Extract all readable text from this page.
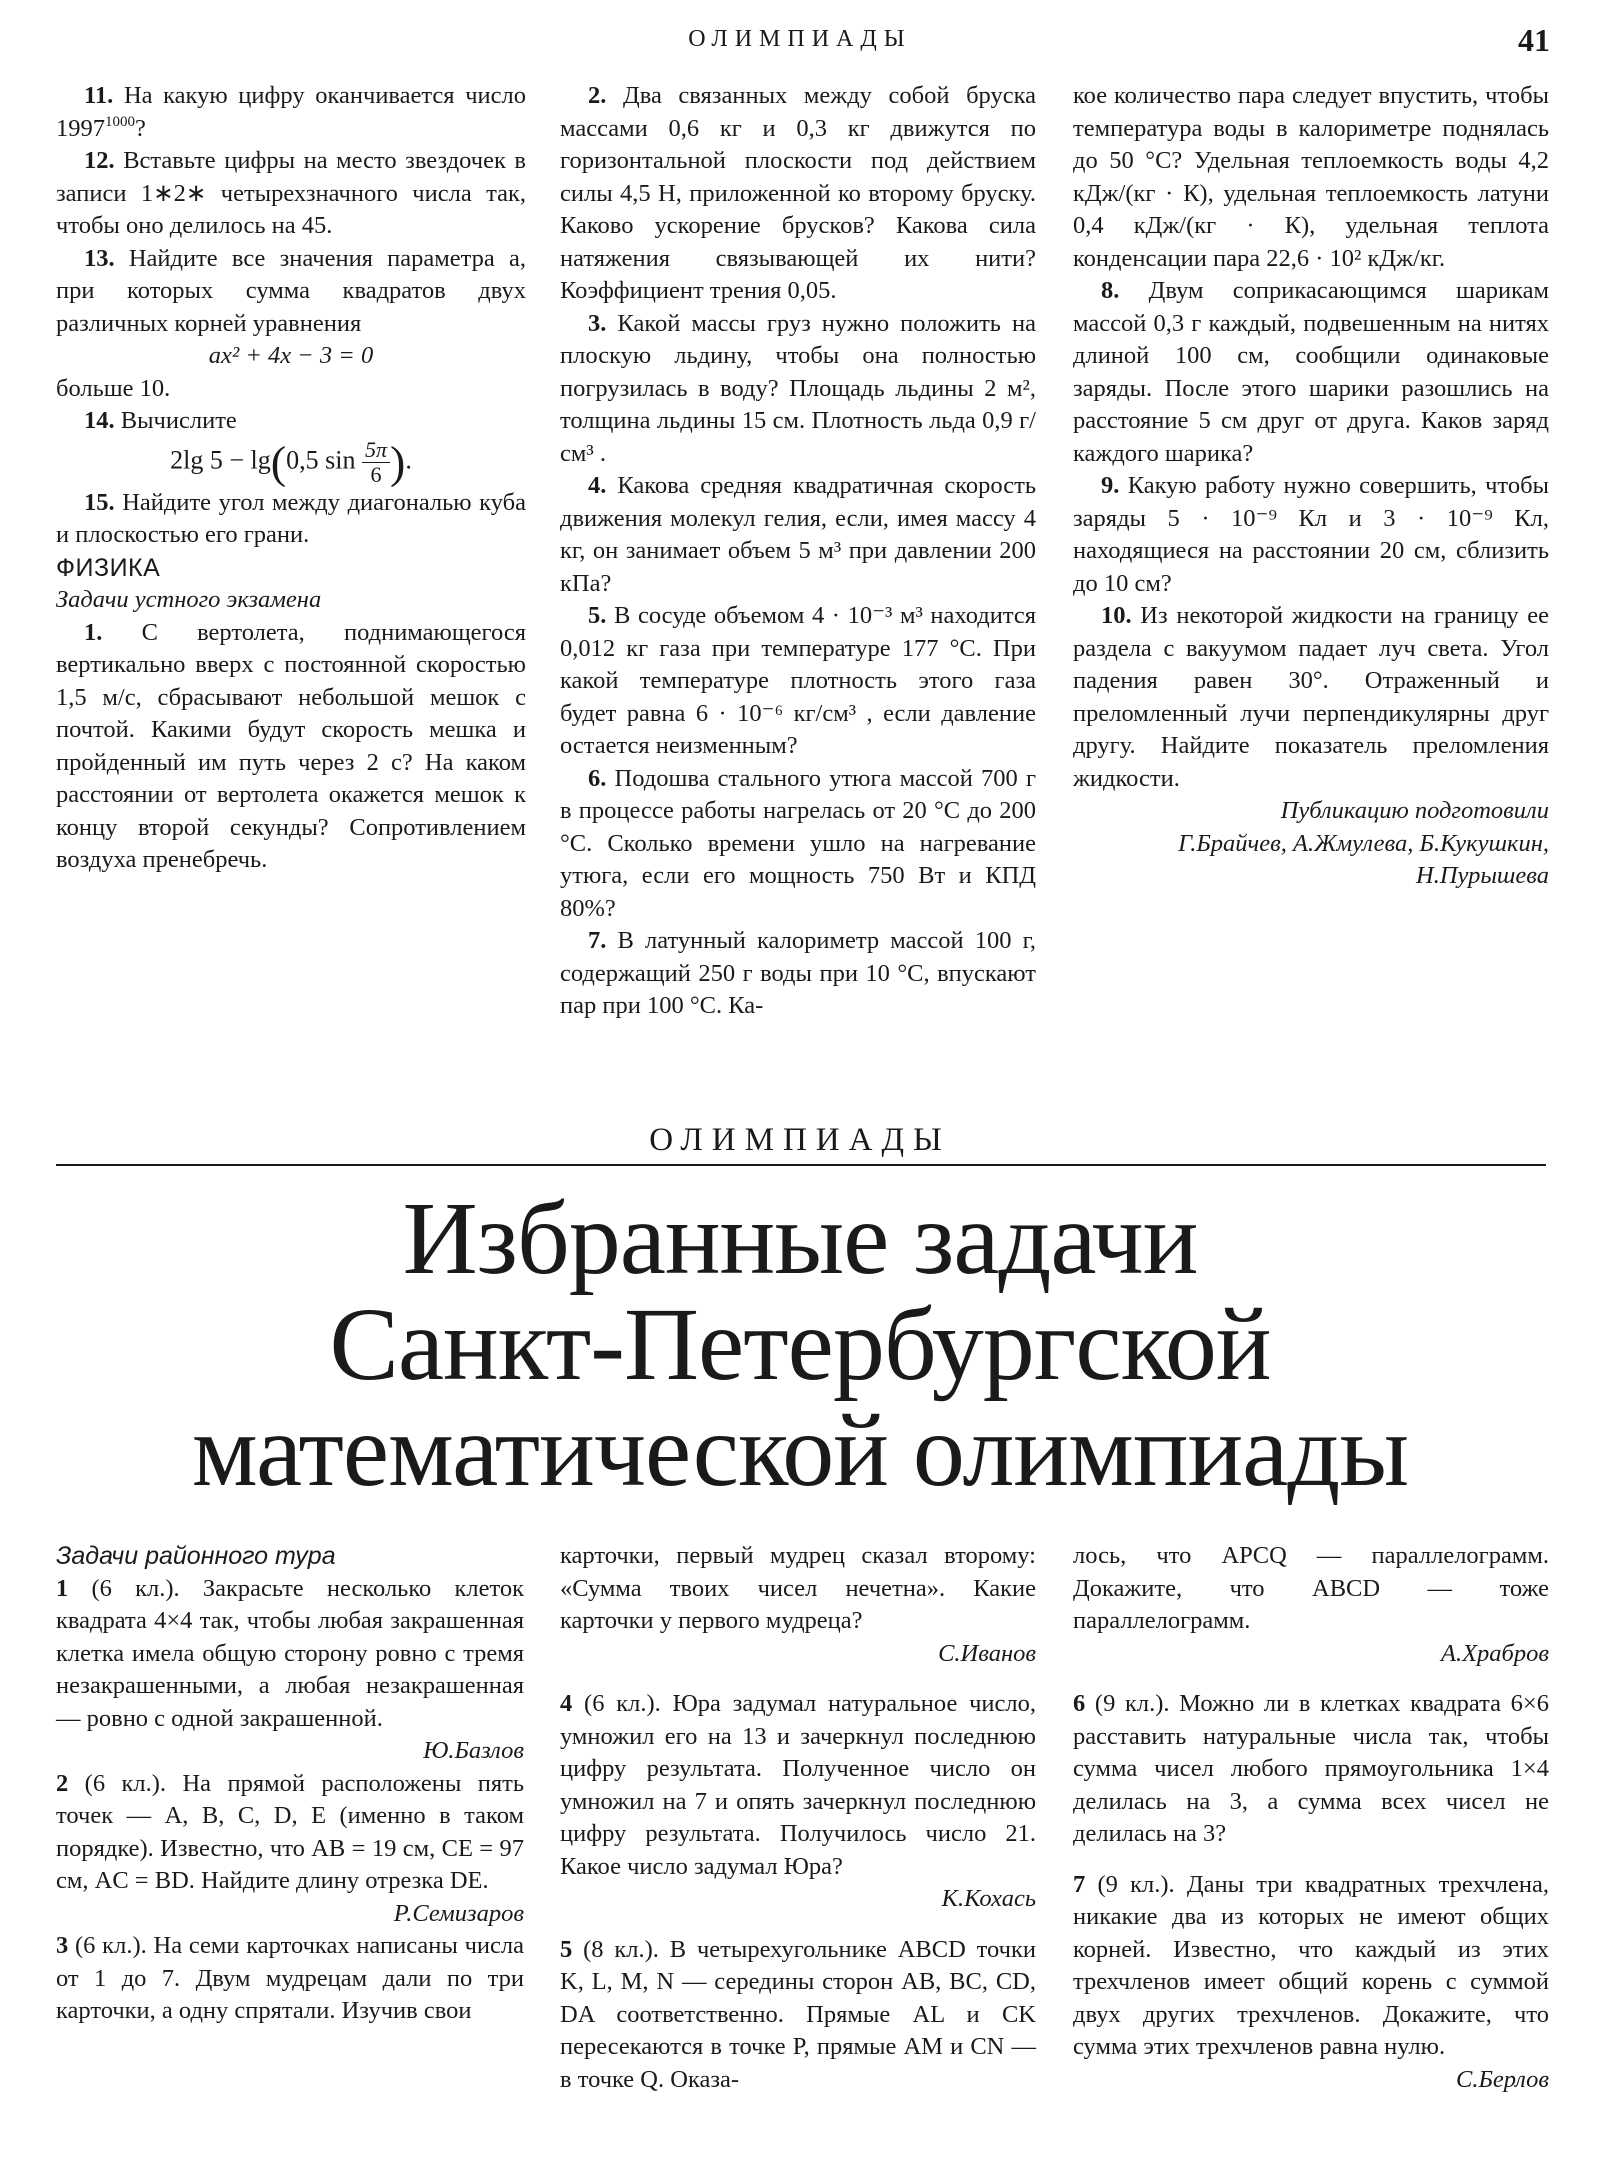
ОЛИМПИАДЫ	41

11. На какую цифру оканчивается число $1997^{1000}$?

12. Вставьте цифры на место звездочек в записи 1∗2∗ четырехзначного числа так, чтобы оно делилось на 45.

13. Найдите все значения параметра a, при которых сумма квадратов двух различных корней уравнения

ax² + 4x − 3 = 0

больше 10.

14. Вычислите

2lg 5 − lg(0,5 $\sin \frac{5\pi}{6}$ ).

15. Найдите угол между диагональю куба и плоскостью его грани.

ФИЗИКА

Задачи устного экзамена

1. С вертолета, поднимающегося вертикально вверх с постоянной скоростью 1,5 м/с, сбрасывают небольшой мешок с почтой. Какими будут скорость мешка и пройденный им путь через 2 с? На каком расстоянии от вертолета окажется мешок к концу второй секунды? Сопротивлением воздуха пренебречь.

2. Два связанных между собой бруска массами 0,6 кг и 0,3 кг движутся по горизонтальной плоскости под действием силы 4,5 Н, приложенной ко второму бруску. Каково ускорение брусков? Какова сила натяжения связывающей их нити? Коэффициент трения 0,05.

3. Какой массы груз нужно положить на плоскую льдину, чтобы она полностью погрузилась в воду? Площадь льдины 2 м², толщина льдины 15 см. Плотность льда 0,9 г/см³ .

4. Какова средняя квадратичная скорость движения молекул гелия, если, имея массу 4 кг, он занимает объем 5 м³ при давлении 200 кПа?

5. В сосуде объемом 4 · 10⁻³ м³ находится 0,012 кг газа при температуре 177 °С. При какой температуре плотность этого газа будет равна 6 · 10⁻⁶ кг/см³ , если давление остается неизменным?

6. Подошва стального утюга массой 700 г в процессе работы нагрелась от 20 °С до 200 °С. Сколько времени ушло на нагревание утюга, если его мощность 750 Вт и КПД 80%?

7. В латунный калориметр массой 100 г, содержащий 250 г воды при 10 °С, впускают пар при 100 °С. Ка-

кое количество пара следует впустить, чтобы температура воды в калориметре поднялась до 50 °С? Удельная теплоемкость воды 4,2 кДж/(кг · К), удельная теплоемкость латуни 0,4 кДж/(кг · К), удельная теплота конденсации пара 22,6 · 10² кДж/кг.

8. Двум соприкасающимся шарикам массой 0,3 г каждый, подвешенным на нитях длиной 100 см, сообщили одинаковые заряды. После этого шарики разошлись на расстояние 5 см друг от друга. Каков заряд каждого шарика?

9. Какую работу нужно совершить, чтобы заряды 5 · 10⁻⁹ Кл и 3 · 10⁻⁹ Кл, находящиеся на расстоянии 20 см, сблизить до 10 см?

10. Из некоторой жидкости на границу ее раздела с вакуумом падает луч света. Угол падения равен 30°. Отраженный и преломленный лучи перпендикулярны друг другу. Найдите показатель преломления жидкости.

Публикацию подготовили

Г.Брайчев, А.Жмулева, Б.Кукушкин,

Н.Пурышева

ОЛИМПИАДЫ
Избранные задачи
Санкт-Петербургской
математической олимпиады

Задачи районного тура

1 (6 кл.). Закрасьте несколько клеток квадрата 4×4 так, чтобы любая закрашенная клетка имела общую сторону ровно с тремя незакрашенными, а любая незакрашенная — ровно с одной закрашенной.

Ю.Базлов

2 (6 кл.). На прямой расположены пять точек — A, B, C, D, E (именно в таком порядке). Известно, что AB = 19 см, CE = 97 см, AC = BD. Найдите длину отрезка DE.

Р.Семизаров

3 (6 кл.). На семи карточках написаны числа от 1 до 7. Двум мудрецам дали по три карточки, а одну спрятали. Изучив свои

карточки, первый мудрец сказал второму: «Сумма твоих чисел нечетна». Какие карточки у первого мудреца?

С.Иванов

4 (6 кл.). Юра задумал натуральное число, умножил его на 13 и зачеркнул последнюю цифру результата. Полученное число он умножил на 7 и опять зачеркнул последнюю цифру результата. Получилось число 21. Какое число задумал Юра?

К.Кохась

5 (8 кл.). В четырехугольнике ABCD точки K, L, M, N — середины сторон AB, BC, CD, DA соответственно. Прямые AL и CK пересекаются в точке P, прямые AM и CN — в точке Q. Оказа-

лось, что APCQ — параллелограмм. Докажите, что ABCD — тоже параллелограмм.

А.Храбров

6 (9 кл.). Можно ли в клетках квадрата 6×6 расставить натуральные числа так, чтобы сумма чисел любого прямоугольника 1×4 делилась на 3, а сумма всех чисел не делилась на 3?

7 (9 кл.). Даны три квадратных трехчлена, никакие два из которых не имеют общих корней. Известно, что каждый из этих трехчленов имеет общий корень с суммой двух других трехчленов. Докажите, что сумма этих трехчленов равна нулю.

С.Берлов
